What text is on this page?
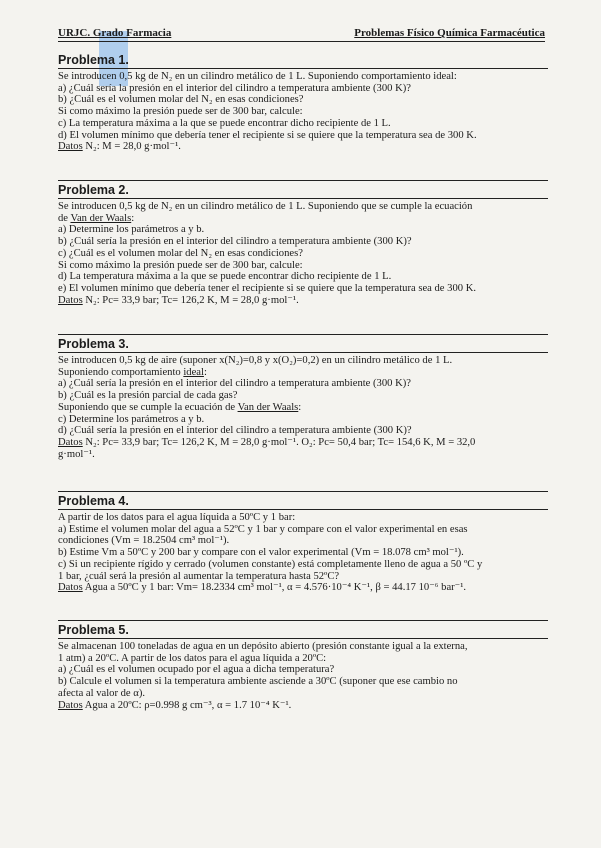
URJC. Grado Farmacia	Problemas Físico Química Farmacéutica
Problema 1.
Se introducen 0,5 kg de N₂ en un cilindro metálico de 1 L. Suponiendo comportamiento ideal:
a) ¿Cuál sería la presión en el interior del cilindro a temperatura ambiente (300 K)?
b) ¿Cuál es el volumen molar del N₂ en esas condiciones?
Si como máximo la presión puede ser de 300 bar, calcule:
c) La temperatura máxima a la que se puede encontrar dicho recipiente de 1 L.
d) El volumen mínimo que debería tener el recipiente si se quiere que la temperatura sea de 300 K.
Datos N₂: M = 28,0 g·mol⁻¹.
Problema 2.
Se introducen 0,5 kg de N₂ en un cilindro metálico de 1 L. Suponiendo que se cumple la ecuación
de Van der Waals:
a) Determine los parámetros a y b.
b) ¿Cuál sería la presión en el interior del cilindro a temperatura ambiente (300 K)?
c) ¿Cuál es el volumen molar del N₂ en esas condiciones?
Si como máximo la presión puede ser de 300 bar, calcule:
d) La temperatura máxima a la que se puede encontrar dicho recipiente de 1 L.
e) El volumen mínimo que debería tener el recipiente si se quiere que la temperatura sea de 300 K.
Datos N₂: Pc= 33,9 bar; Tc= 126,2 K, M = 28,0 g·mol⁻¹.
Problema 3.
Se introducen 0,5 kg de aire (suponer x(N₂)=0,8 y x(O₂)=0,2) en un cilindro metálico de 1 L.
Suponiendo comportamiento ideal:
a) ¿Cuál sería la presión en el interior del cilindro a temperatura ambiente (300 K)?
b) ¿Cuál es la presión parcial de cada gas?
Suponiendo que se cumple la ecuación de Van der Waals:
c) Determine los parámetros a y b.
d) ¿Cuál sería la presión en el interior del cilindro a temperatura ambiente (300 K)?
Datos N₂: Pc= 33,9 bar; Tc= 126,2 K, M = 28,0 g·mol⁻¹. O₂: Pc= 50,4 bar; Tc= 154,6 K, M = 32,0
g·mol⁻¹.
Problema 4.
A partir de los datos para el agua líquida a 50ºC y 1 bar:
a) Estime el volumen molar del agua a 52ºC y 1 bar y compare con el valor experimental en esas
condiciones (Vm = 18.2504 cm³ mol⁻¹).
b) Estime Vm a 50ºC y 200 bar y compare con el valor experimental (Vm = 18.078 cm³ mol⁻¹).
c) Si un recipiente rígido y cerrado (volumen constante) está completamente lleno de agua a 50 ºC y
1 bar, ¿cuál será la presión al aumentar la temperatura hasta 52ºC?
Datos Agua a 50ºC y 1 bar: Vm= 18.2334 cm³ mol⁻¹, α = 4.576·10⁻⁴ K⁻¹, β = 44.17 10⁻⁶ bar⁻¹.
Problema 5.
Se almacenan 100 toneladas de agua en un depósito abierto (presión constante igual a la externa,
1 atm) a 20ºC. A partir de los datos para el agua líquida a 20ºC:
a) ¿Cuál es el volumen ocupado por el agua a dicha temperatura?
b) Calcule el volumen si la temperatura ambiente asciende a 30ºC (suponer que ese cambio no
afecta al valor de α).
Datos Agua a 20ºC: ρ=0.998 g cm⁻³, α = 1.7 10⁻⁴ K⁻¹.
